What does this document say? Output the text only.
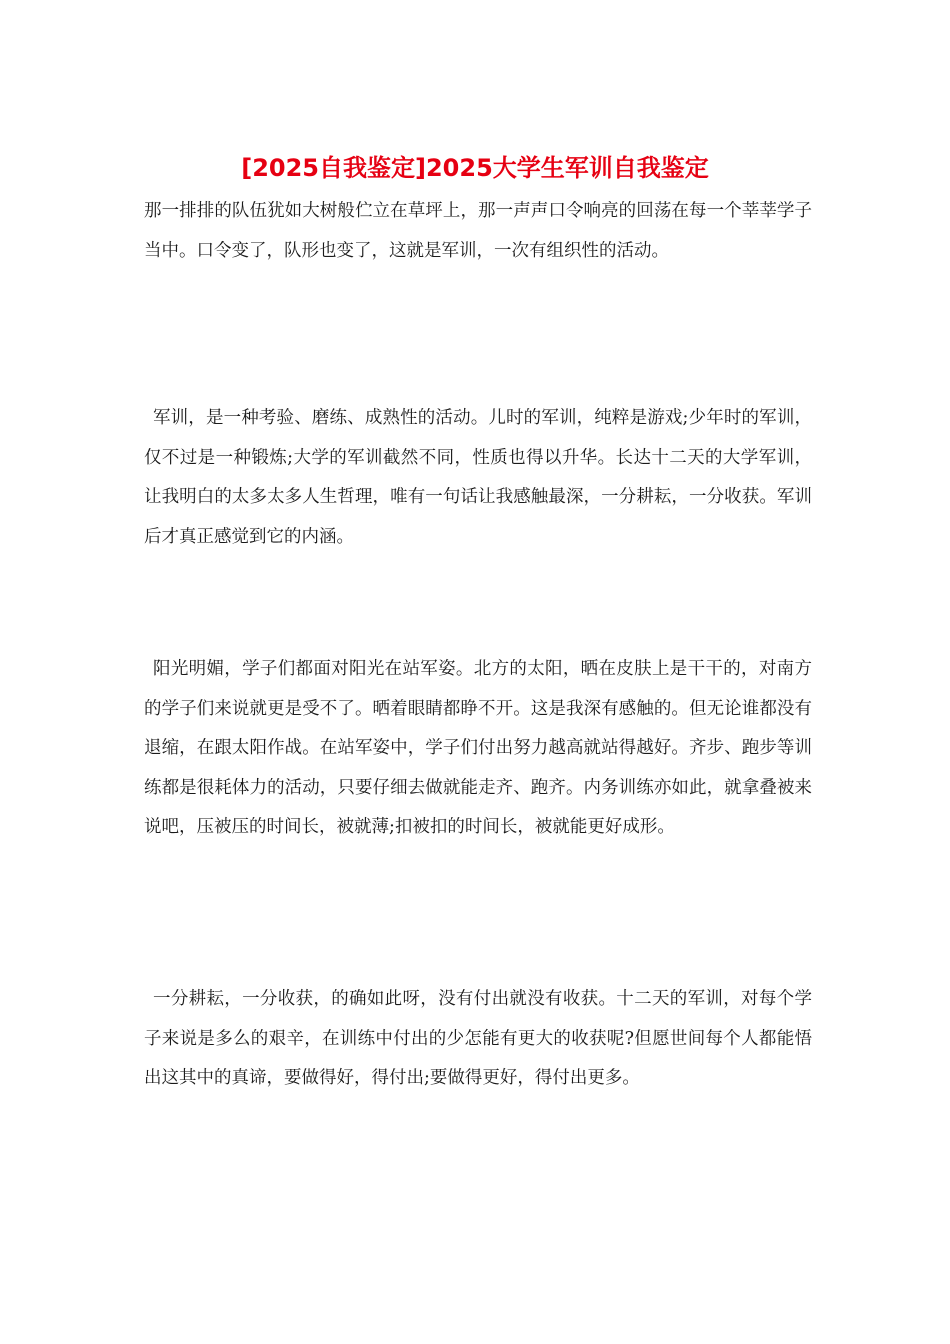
[2025自我鉴定]2025大学生军训自我鉴定

那一排排的队伍犹如大树般伫立在草坪上，那一声声口令响亮的回荡在每一个莘莘学子当中。口令变了，队形也变了，这就是军训，一次有组织性的活动。

军训，是一种考验、磨练、成熟性的活动。儿时的军训，纯粹是游戏;少年时的军训，仅不过是一种锻炼;大学的军训截然不同，性质也得以升华。长达十二天的大学军训，让我明白的太多太多人生哲理，唯有一句话让我感触最深，一分耕耘，一分收获。军训后才真正感觉到它的内涵。

阳光明媚，学子们都面对阳光在站军姿。北方的太阳，晒在皮肤上是干干的，对南方的学子们来说就更是受不了。晒着眼睛都睁不开。这是我深有感触的。但无论谁都没有退缩，在跟太阳作战。在站军姿中，学子们付出努力越高就站得越好。齐步、跑步等训练都是很耗体力的活动，只要仔细去做就能走齐、跑齐。内务训练亦如此，就拿叠被来说吧，压被压的时间长，被就薄;扣被扣的时间长，被就能更好成形。

一分耕耘，一分收获，的确如此呀，没有付出就没有收获。十二天的军训，对每个学子来说是多么的艰辛，在训练中付出的少怎能有更大的收获呢?但愿世间每个人都能悟出这其中的真谛，要做得好，得付出;要做得更好，得付出更多。
